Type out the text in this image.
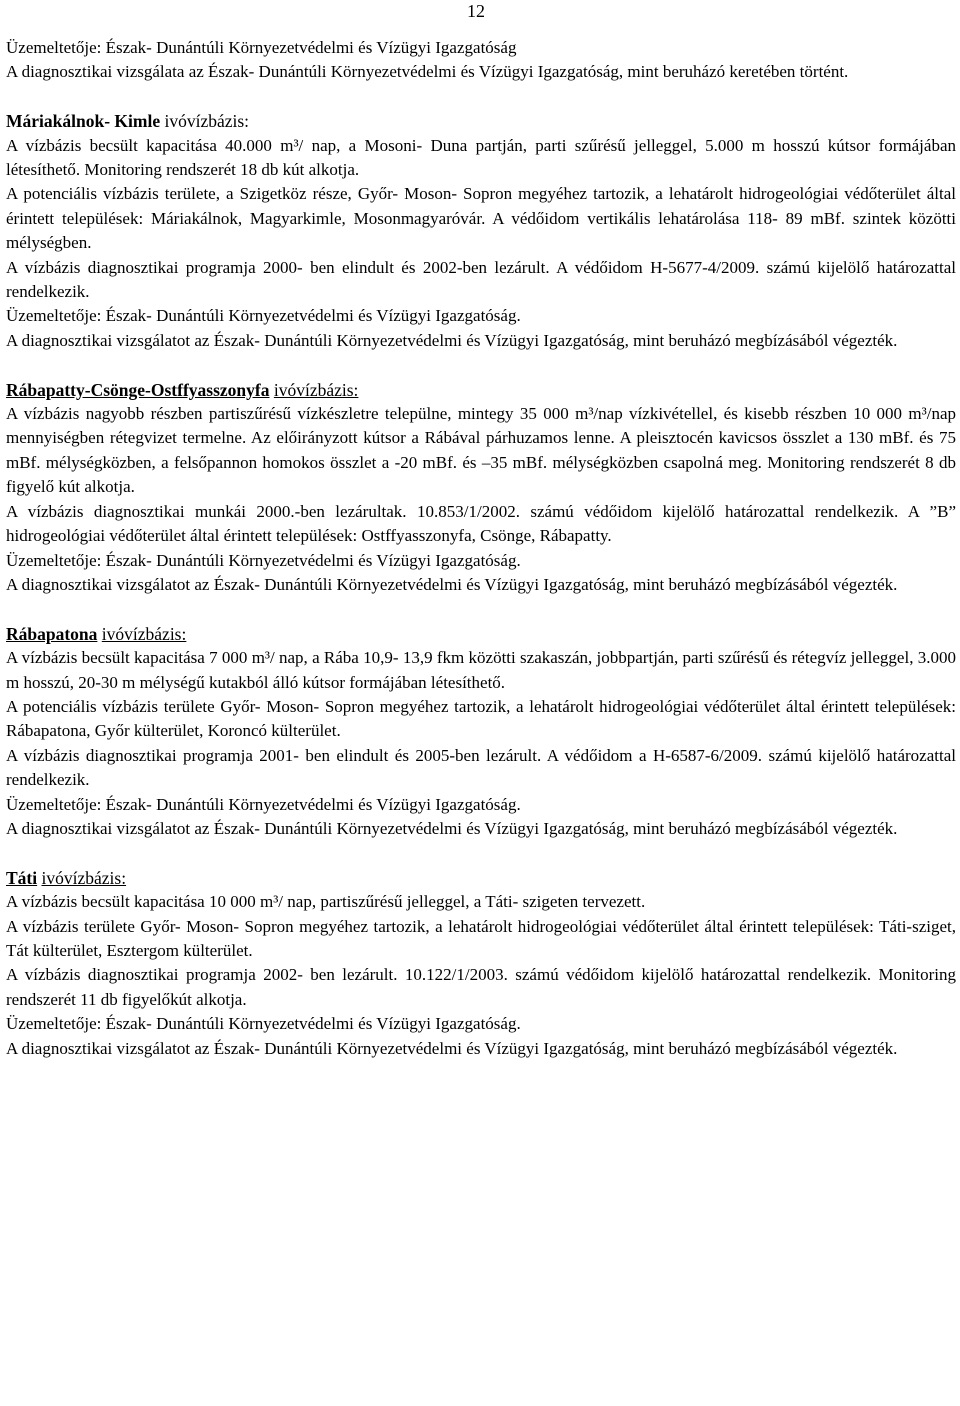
12

Üzemeltetője: Észak- Dunántúli Környezetvédelmi és Vízügyi Igazgatóság

A diagnosztikai vizsgálata az Észak- Dunántúli Környezetvédelmi és Vízügyi Igazgatóság, mint beruházó keretében történt.

Máriakálnok- Kimle ivóvízbázis:

A vízbázis becsült kapacitása 40.000 m³/ nap, a Mosoni- Duna partján, parti szűrésű jelleggel, 5.000 m hosszú kútsor formájában létesíthető. Monitoring rendszerét 18 db kút alkotja.

A potenciális vízbázis területe, a Szigetköz része, Győr- Moson- Sopron megyéhez tartozik, a lehatárolt hidrogeológiai védőterület által érintett települések: Máriakálnok, Magyarkimle, Mosonmagyaróvár. A védőidom vertikális lehatárolása 118- 89 mBf. szintek közötti mélységben.

A vízbázis diagnosztikai programja 2000- ben elindult és 2002-ben lezárult. A védőidom H-5677-4/2009. számú kijelölő határozattal rendelkezik.

Üzemeltetője: Észak- Dunántúli Környezetvédelmi és Vízügyi Igazgatóság.

A diagnosztikai vizsgálatot az Észak- Dunántúli Környezetvédelmi és Vízügyi Igazgatóság, mint beruházó megbízásából végezték.

Rábapatty-Csönge-Ostffyasszonyfa ivóvízbázis:

A vízbázis nagyobb részben partiszűrésű vízkészletre települne, mintegy 35 000 m³/nap vízkivétellel, és kisebb részben 10 000 m³/nap mennyiségben rétegvizet termelne. Az előirányzott kútsor a Rábával párhuzamos lenne. A pleisztocén kavicsos összlet a 130 mBf. és 75 mBf. mélységközben, a felsőpannon homokos összlet a -20 mBf. és –35 mBf. mélységközben csapolná meg. Monitoring rendszerét 8 db figyelő kút alkotja.

A vízbázis diagnosztikai munkái 2000.-ben lezárultak. 10.853/1/2002. számú védőidom kijelölő határozattal rendelkezik. A ”B” hidrogeológiai védőterület által érintett települések: Ostffyasszonyfa, Csönge, Rábapatty.

Üzemeltetője: Észak- Dunántúli Környezetvédelmi és Vízügyi Igazgatóság.

A diagnosztikai vizsgálatot az Észak- Dunántúli Környezetvédelmi és Vízügyi Igazgatóság, mint beruházó megbízásából végezték.

Rábapatona ivóvízbázis:

A vízbázis becsült kapacitása 7 000 m³/ nap, a Rába 10,9- 13,9 fkm közötti szakaszán, jobbpartján, parti szűrésű és rétegvíz jelleggel, 3.000 m hosszú, 20-30 m mélységű kutakból álló kútsor formájában létesíthető.

A potenciális vízbázis területe Győr- Moson- Sopron megyéhez tartozik, a lehatárolt hidrogeológiai védőterület által érintett települések: Rábapatona, Győr külterület, Koroncó külterület.

A vízbázis diagnosztikai programja 2001- ben elindult és 2005-ben lezárult. A védőidom a H-6587-6/2009. számú kijelölő határozattal rendelkezik.

Üzemeltetője: Észak- Dunántúli Környezetvédelmi és Vízügyi Igazgatóság.

A diagnosztikai vizsgálatot az Észak- Dunántúli Környezetvédelmi és Vízügyi Igazgatóság, mint beruházó megbízásából végezték.

Táti ivóvízbázis:

A vízbázis becsült kapacitása 10 000 m³/ nap, partiszűrésű jelleggel, a Táti- szigeten tervezett.

A vízbázis területe Győr- Moson- Sopron megyéhez tartozik, a lehatárolt hidrogeológiai védőterület által érintett települések: Táti-sziget, Tát külterület, Esztergom külterület.

A vízbázis diagnosztikai programja 2002- ben lezárult. 10.122/1/2003. számú védőidom kijelölő határozattal rendelkezik. Monitoring rendszerét 11 db figyelőkút alkotja.

Üzemeltetője: Észak- Dunántúli Környezetvédelmi és Vízügyi Igazgatóság.

A diagnosztikai vizsgálatot az Észak- Dunántúli Környezetvédelmi és Vízügyi Igazgatóság, mint beruházó megbízásából végezték.
